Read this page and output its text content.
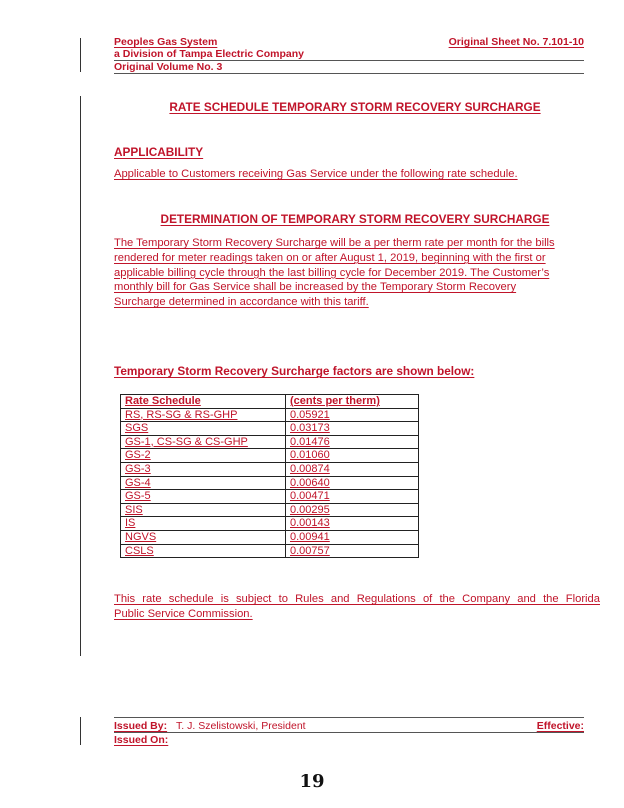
Peoples Gas System	Original Sheet No. 7.101-10
a Division of Tampa Electric Company
Original Volume No. 3
RATE SCHEDULE TEMPORARY STORM RECOVERY SURCHARGE
APPLICABILITY
Applicable to Customers receiving Gas Service under the following rate schedule.
DETERMINATION OF TEMPORARY STORM RECOVERY SURCHARGE
The Temporary Storm Recovery Surcharge will be a per therm rate per month for the bills
rendered for meter readings taken on or after August 1, 2019, beginning with the first or
applicable billing cycle through the last billing cycle for December 2019. The Customer’s
monthly bill for Gas Service shall be increased by the Temporary Storm Recovery
Surcharge determined in accordance with this tariff.
Temporary Storm Recovery Surcharge factors are shown below:
Rate Schedule	(cents per therm)
RS, RS-SG & RS-GHP	0.05921
SGS	0.03173
GS-1, CS-SG & CS-GHP	0.01476
GS-2	0.01060
GS-3	0.00874
GS-4	0.00640
GS-5	0.00471
SIS	0.00295
IS	0.00143
NGVS	0.00941
CSLS	0.00757
This rate schedule is subject to Rules and Regulations of the Company and the Florida
Public Service Commission.
Issued By: T. J. Szelistowski, President	Effective:
Issued On:
19
